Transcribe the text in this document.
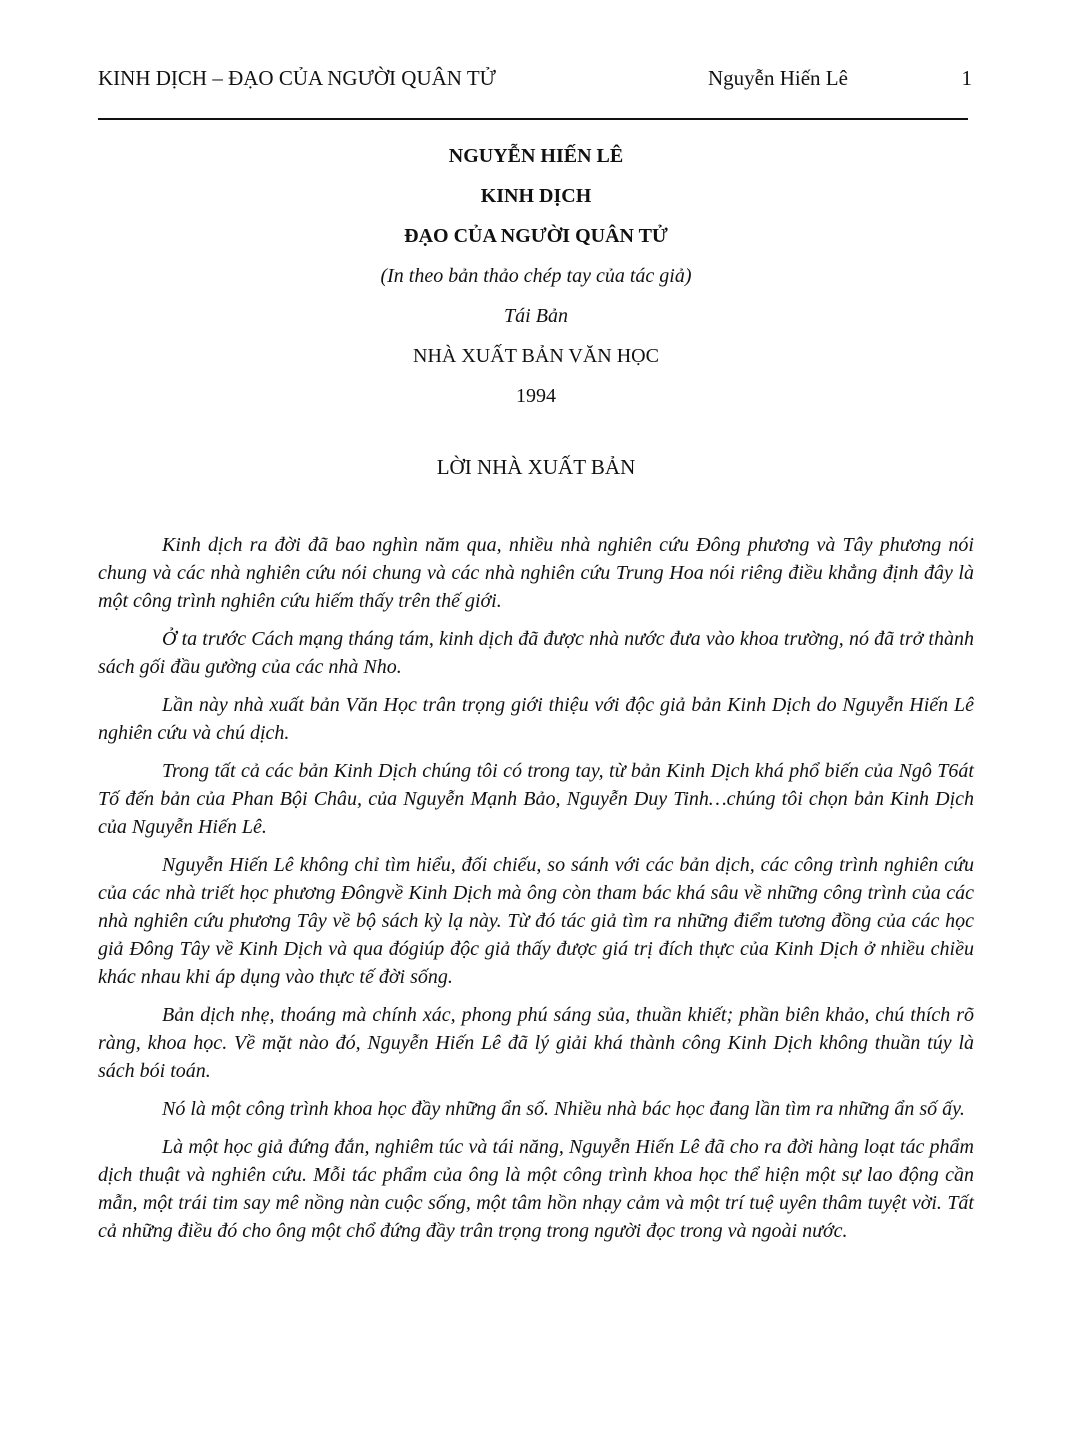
KINH DỊCH – ĐẠO CỦA NGƯỜI QUÂN TỬ	Nguyễn Hiến Lê	1
NGUYỄN HIẾN LÊ
KINH DỊCH
ĐẠO CỦA NGƯỜI QUÂN TỬ
(In theo bản thảo chép tay của tác giả)
Tái Bản
NHÀ XUẤT BẢN VĂN HỌC
1994
LỜI NHÀ XUẤT BẢN

Kinh dịch ra đời đã bao nghìn năm qua, nhiều nhà nghiên cứu Đông phương và Tây phương nói chung và các nhà nghiên cứu nói chung và các nhà nghiên cứu Trung Hoa nói riêng điều khẳng định đây là một công trình nghiên cứu hiếm thấy trên thế giới.

Ở ta trước Cách mạng tháng tám, kinh dịch đã được nhà nước đưa vào khoa trường, nó đã trở thành sách gối đầu gường của các nhà Nho.

Lần này nhà xuất bản Văn Học trân trọng giới thiệu với độc giả bản Kinh Dịch do Nguyễn Hiến Lê nghiên cứu và chú dịch.

Trong tất cả các bản Kinh Dịch chúng tôi có trong tay, từ bản Kinh Dịch khá phổ biến của Ngô T6át Tố đến bản của Phan Bội Châu, của Nguyễn Mạnh Bảo, Nguyễn Duy Tinh…chúng tôi chọn bản Kinh Dịch của Nguyễn Hiến Lê.

Nguyễn Hiến Lê không chỉ tìm hiểu, đối chiếu, so sánh với các bản dịch, các công trình nghiên cứu của các nhà triết học phương Đôngvề Kinh Dịch mà ông còn tham bác khá sâu về những công trình của các nhà nghiên cứu phương Tây về bộ sách kỳ lạ này. Từ đó tác giả tìm ra những điểm tương đồng của các học giả Đông Tây về Kinh Dịch và qua đógiúp độc giả thấy được giá trị đích thực của Kinh Dịch ở nhiều chiều khác nhau khi áp dụng vào thực tế đời sống.

Bản dịch nhẹ, thoáng mà chính xác, phong phú sáng sủa, thuần khiết; phần biên khảo, chú thích rõ ràng, khoa học. Về mặt nào đó, Nguyễn Hiến Lê đã lý giải khá thành công Kinh Dịch không thuần túy là sách bói toán.

Nó là một công trình khoa học đầy những ẩn số. Nhiều nhà bác học đang lần tìm ra những ẩn số ấy.

Là một học giả đứng đắn, nghiêm túc và tái năng, Nguyễn Hiến Lê đã cho ra đời hàng loạt tác phẩm dịch thuật và nghiên cứu. Mỗi tác phẩm của ông là một công trình khoa học thể hiện một sự lao động cần mẫn, một trái tim say mê nồng nàn cuộc sống, một tâm hồn nhạy cảm và một trí tuệ uyên thâm tuyệt vời. Tất cả những điều đó cho ông một chổ đứng đầy trân trọng trong người đọc trong và ngoài nước.
